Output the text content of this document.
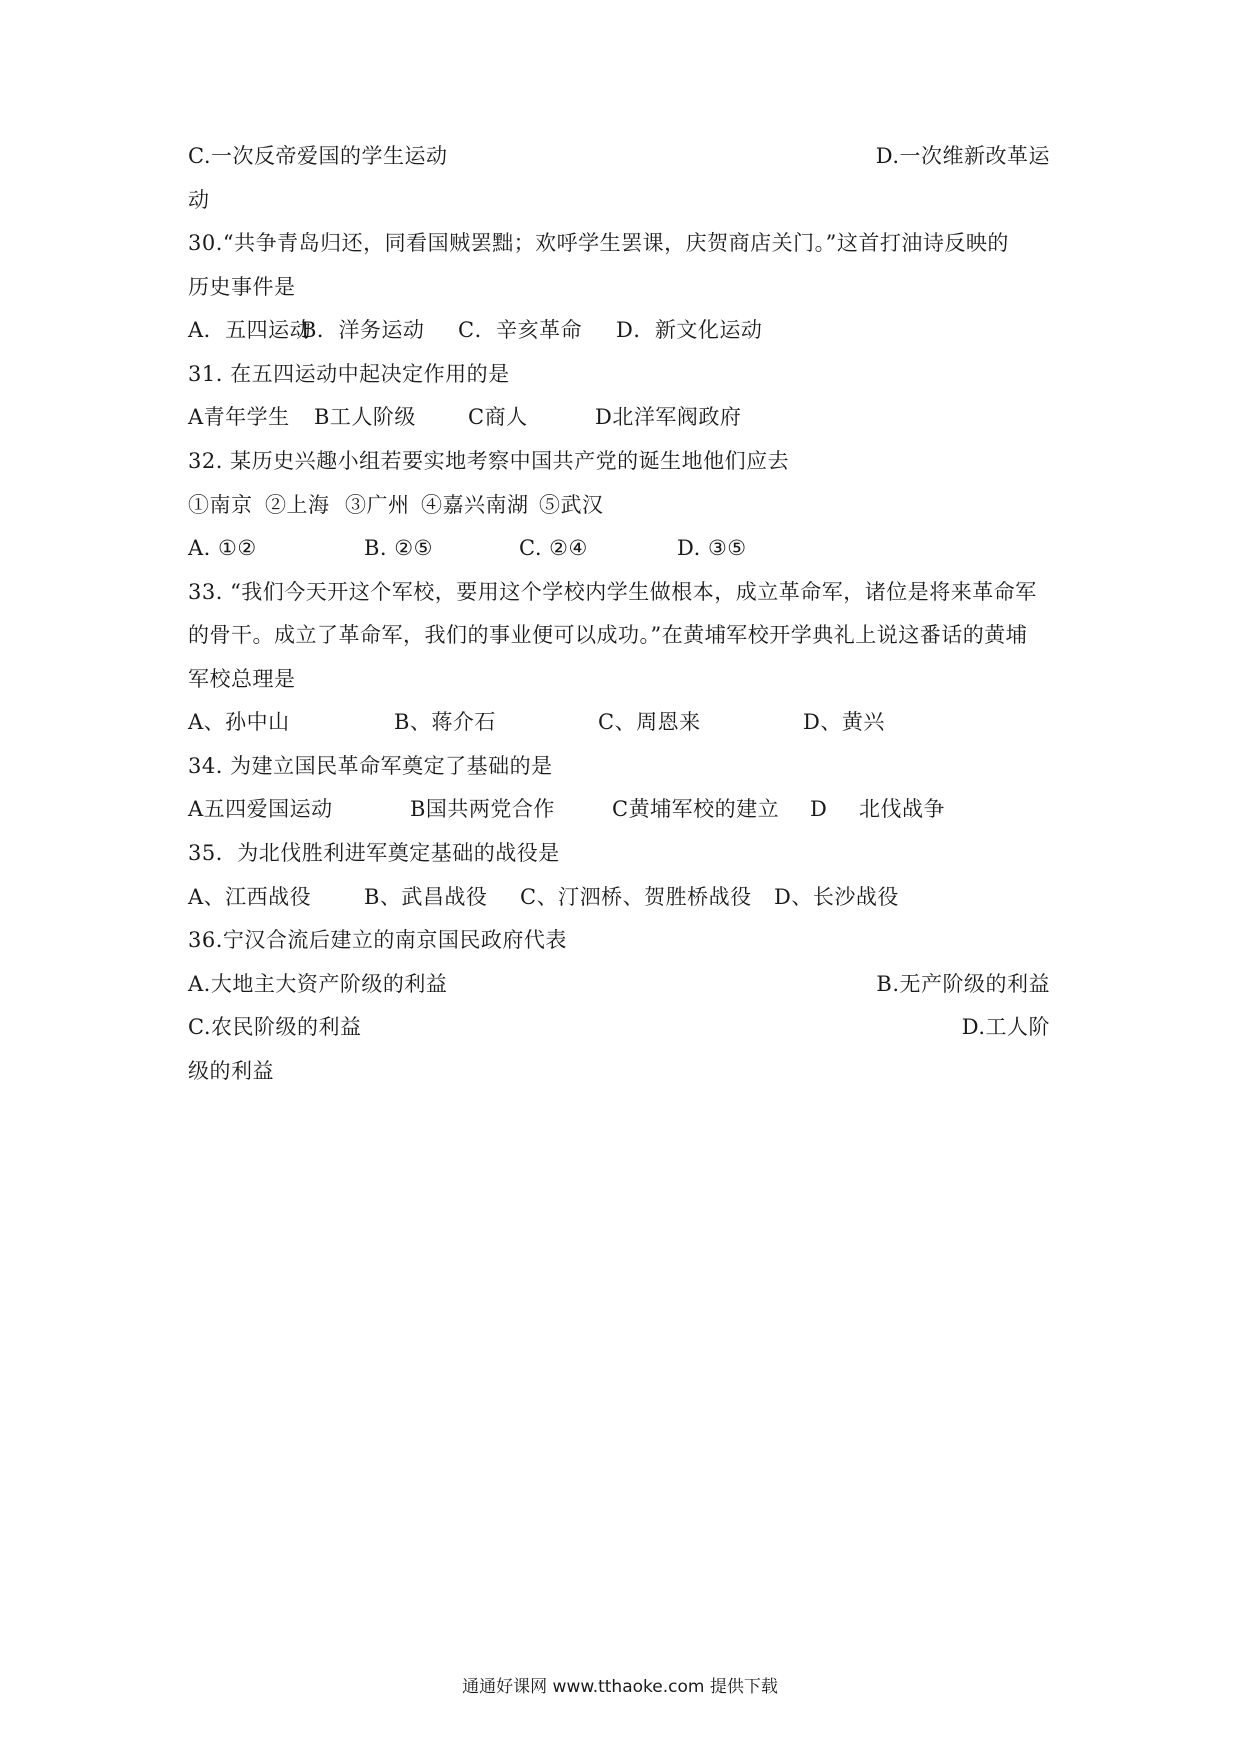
C.一次反帝爱国的学生运动	D.一次维新改革运
动
30.“共争青岛归还，同看国贼罢黜；欢呼学生罢课，庆贺商店关门。”这首打油诗反映的
历史事件是
A．五四运动
B．洋务运动 C．辛亥革命 D．新文化运动
31. 在五四运动中起决定作用的是
A青年学生 B工人阶级 C商人	D北洋军阀政府
32. 某历史兴趣小组若要实地考察中国共产党的诞生地他们应去
①南京 ②上海 ③广州 ④嘉兴南湖 ⑤武汉
A. ①②	B. ②⑤	C. ②④	D. ③⑤
33. “我们今天开这个军校，要用这个学校内学生做根本，成立革命军，诸位是将来革命军
的骨干。成立了革命军，我们的事业便可以成功。”在黄埔军校开学典礼上说这番话的黄埔
军校总理是
A、孙中山	B、蒋介石	C、周恩来	D、黄兴
34. 为建立国民革命军奠定了基础的是
A五四爱国运动	B国共两党合作	C黄埔军校的建立 D 北伐战争
35．为北伐胜利进军奠定基础的战役是
A、江西战役	B、武昌战役 C、汀泗桥、贺胜桥战役 D、长沙战役
36.宁汉合流后建立的南京国民政府代表
A.大地主大资产阶级的利益	B.无产阶级的利益
C.农民阶级的利益	D.工人阶
级的利益
通通好课网 www.tthaoke.com 提供下载
